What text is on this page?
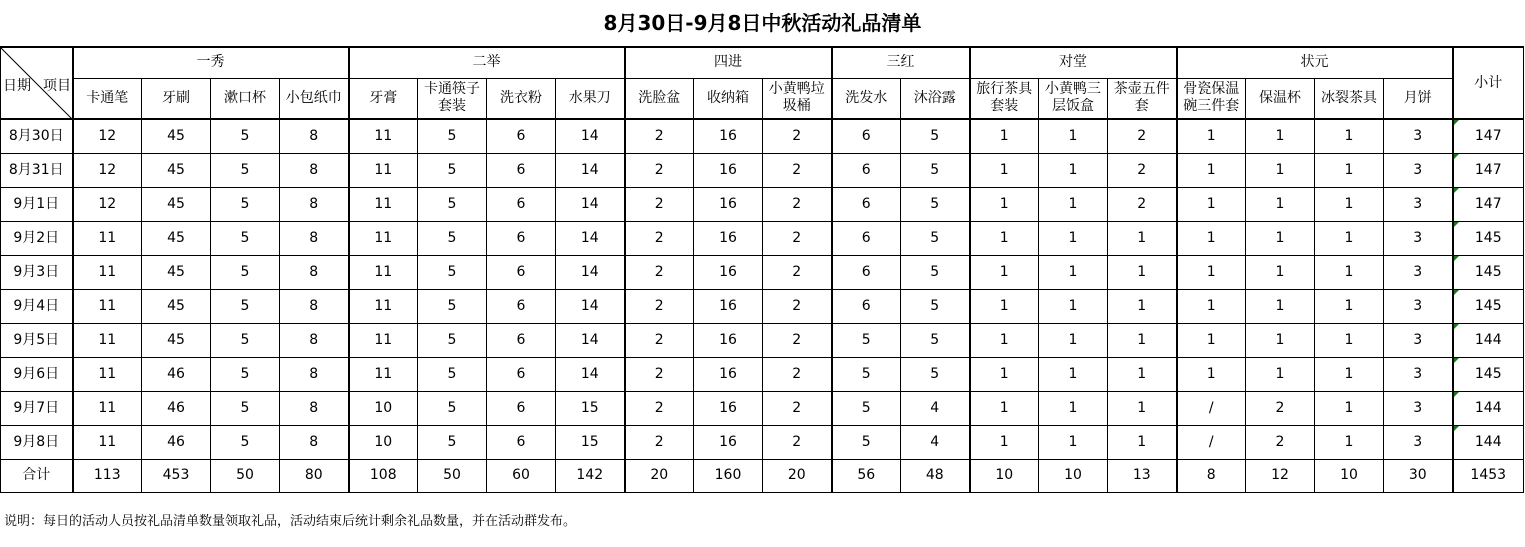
8月30日-9月8日中秋活动礼品清单
日期 项目	一秀				二举				四进			三红		对堂			状元				小计
	卡通笔	牙刷	漱口杯	小包纸巾	牙膏	卡通筷子套装	洗衣粉	水果刀	洗脸盆	收纳箱	小黄鸭垃圾桶	洗发水	沐浴露	旅行茶具套装	小黄鸭三层饭盒	茶壶五件套	骨瓷保温碗三件套	保温杯	冰裂茶具	月饼	
8月30日	12	45	5	8	11	5	6	14	2	16	2	6	5	1	1	2	1	1	1	3	147
8月31日	12	45	5	8	11	5	6	14	2	16	2	6	5	1	1	2	1	1	1	3	147
9月1日	12	45	5	8	11	5	6	14	2	16	2	6	5	1	1	2	1	1	1	3	147
9月2日	11	45	5	8	11	5	6	14	2	16	2	6	5	1	1	1	1	1	1	3	145
9月3日	11	45	5	8	11	5	6	14	2	16	2	6	5	1	1	1	1	1	1	3	145
9月4日	11	45	5	8	11	5	6	14	2	16	2	6	5	1	1	1	1	1	1	3	145
9月5日	11	45	5	8	11	5	6	14	2	16	2	5	5	1	1	1	1	1	1	3	144
9月6日	11	46	5	8	11	5	6	14	2	16	2	5	5	1	1	1	1	1	1	3	145
9月7日	11	46	5	8	10	5	6	15	2	16	2	5	4	1	1	1	/	2	1	3	144
9月8日	11	46	5	8	10	5	6	15	2	16	2	5	4	1	1	1	/	2	1	3	144
合计	113	453	50	80	108	50	60	142	20	160	20	56	48	10	10	13	8	12	10	30	1453
说明：每日的活动人员按礼品清单数量领取礼品，活动结束后统计剩余礼品数量，并在活动群发布。
